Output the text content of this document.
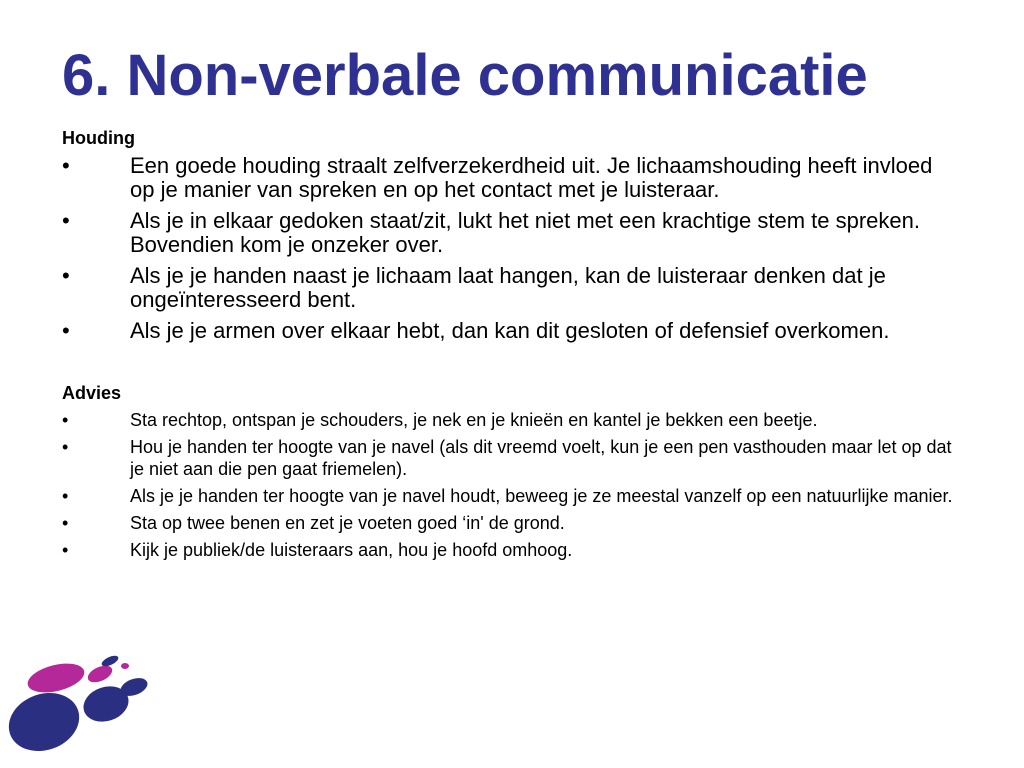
6. Non-verbale communicatie
Houding
•	Een goede houding straalt zelfverzekerdheid uit. Je lichaamshouding heeft invloed op je manier van spreken en op het contact met je luisteraar.
•	Als je in elkaar gedoken staat/zit, lukt het niet met een krachtige stem te spreken. Bovendien kom je onzeker over.
•	Als je je handen naast je lichaam laat hangen, kan de luisteraar denken dat je ongeïnteresseerd bent.
•	Als je je armen over elkaar hebt, dan kan dit gesloten of defensief overkomen.
Advies
•	Sta rechtop, ontspan je schouders, je nek en je knieën en kantel je bekken een beetje.
•	Hou je handen ter hoogte van je navel (als dit vreemd voelt, kun je een pen vasthouden maar let op dat je niet aan die pen gaat friemelen).
•	Als je je handen ter hoogte van je navel houdt, beweeg je ze meestal vanzelf op een natuurlijke manier.
•	Sta op twee benen en zet je voeten goed ‘in' de grond.
•	Kijk je publiek/de luisteraars aan, hou je hoofd omhoog.
